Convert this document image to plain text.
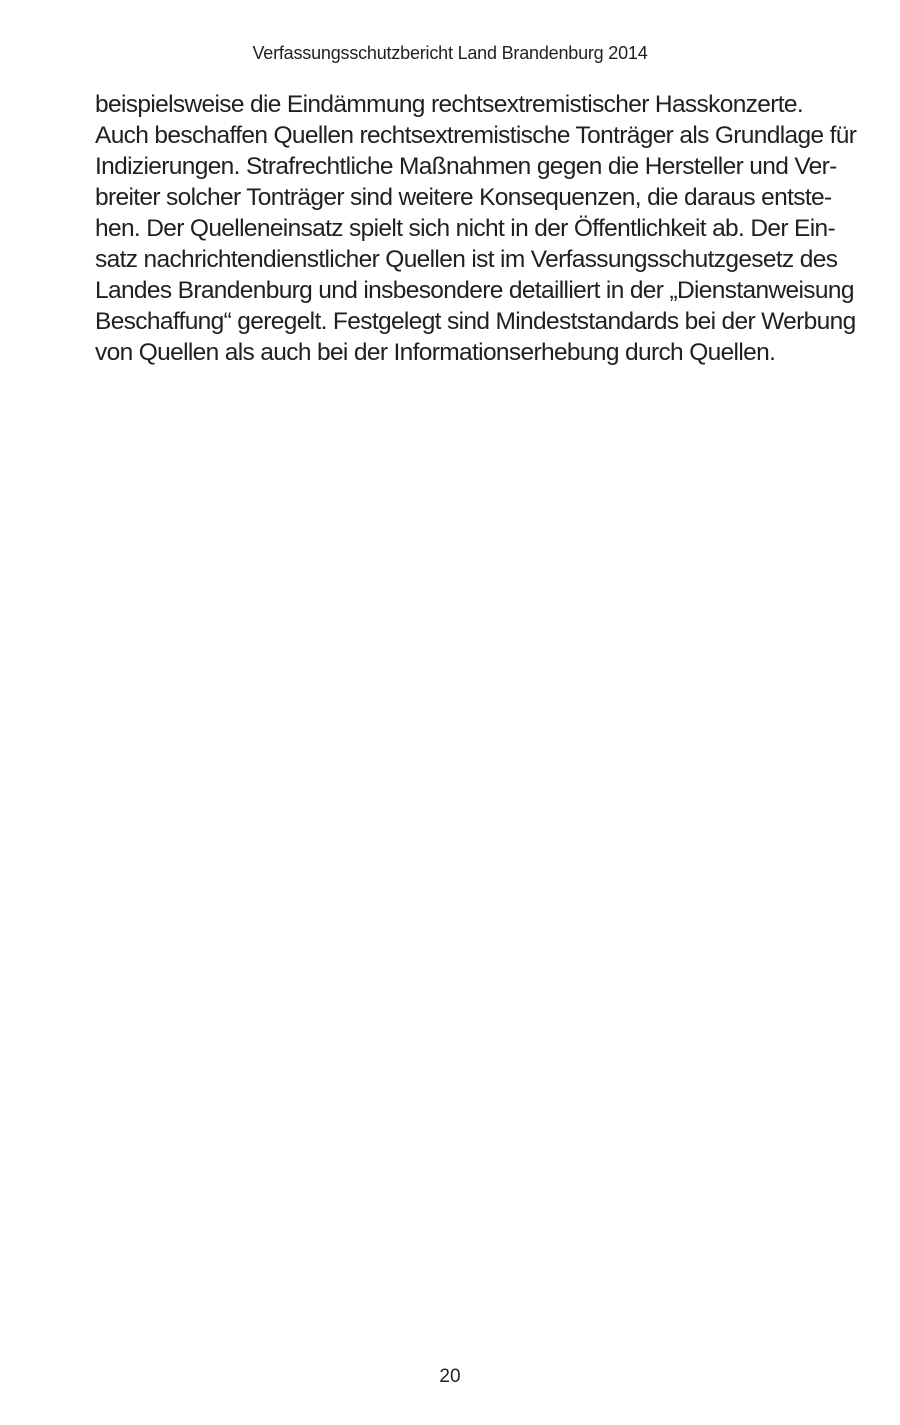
Verfassungsschutzbericht Land Brandenburg 2014
beispielsweise die Eindämmung rechtsextremistischer Hasskonzerte.
Auch beschaffen Quellen rechtsextremistische Tonträger als Grundlage für
Indizierungen. Strafrechtliche Maßnahmen gegen die Hersteller und Ver-
breiter solcher Tonträger sind weitere Konsequenzen, die daraus entste-
hen. Der Quelleneinsatz spielt sich nicht in der Öffentlichkeit ab. Der Ein-
satz nachrichtendienstlicher Quellen ist im Verfassungsschutzgesetz des
Landes Brandenburg und insbesondere detailliert in der „Dienstanweisung
Beschaffung“ geregelt. Festgelegt sind Mindeststandards bei der Werbung
von Quellen als auch bei der Informationserhebung durch Quellen.
20
